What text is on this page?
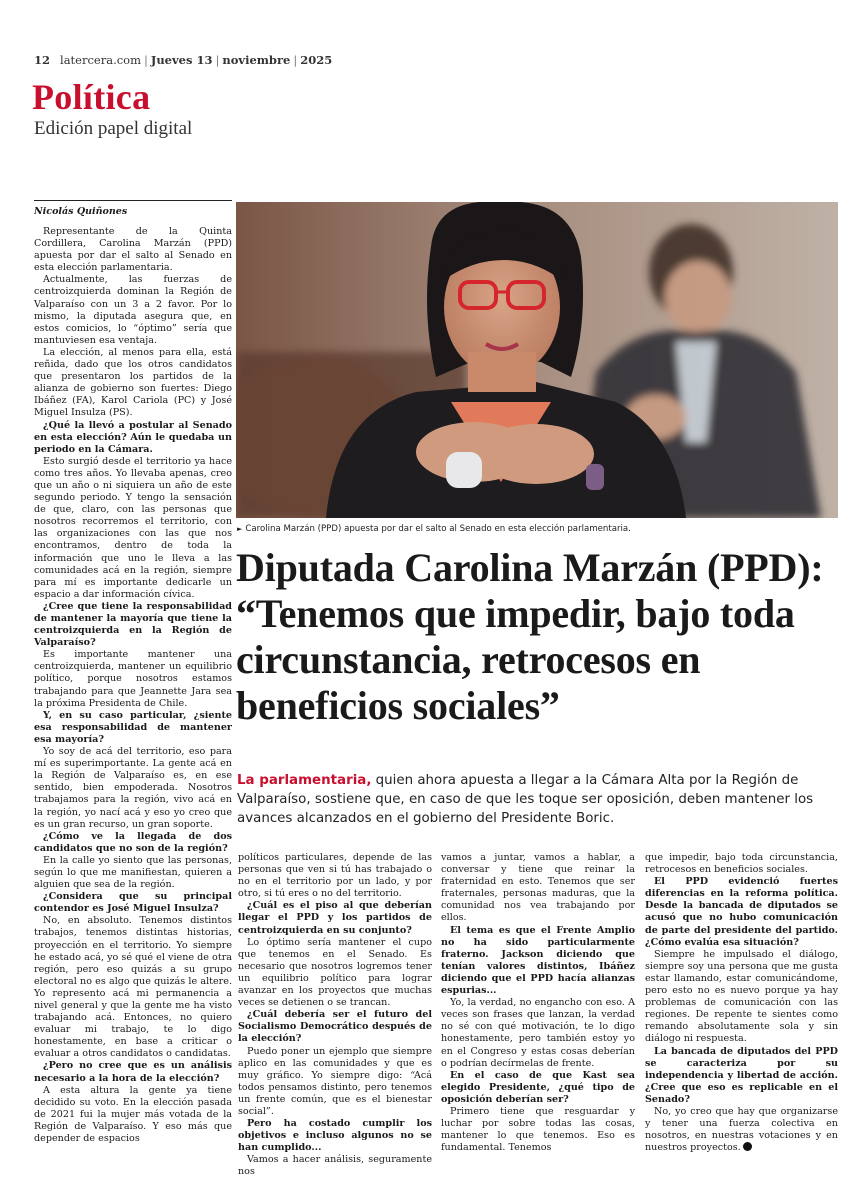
12 latercera.com | Jueves 13 | noviembre | 2025
Política
Edición papel digital
Nicolás Quiñones

Representante de la Quinta Cordillera, Carolina Marzán (PPD) apuesta por dar el salto al Senado en esta elección parlamentaria.

Actualmente, las fuerzas de centroizquierda dominan la Región de Valparaíso con un 3 a 2 favor. Por lo mismo, la diputada asegura que, en estos comicios, lo “óptimo” sería que mantuviesen esa ventaja.

La elección, al menos para ella, está reñida, dado que los otros candidatos que presentaron los partidos de la alianza de gobierno son fuertes: Diego Ibáñez (FA), Karol Cariola (PC) y José Miguel Insulza (PS).

¿Qué la llevó a postular al Senado en esta elección? Aún le quedaba un periodo en la Cámara.

Esto surgió desde el territorio ya hace como tres años. Yo llevaba apenas, creo que un año o ni siquiera un año de este segundo periodo. Y tengo la sensación de que, claro, con las personas que nosotros recorremos el territorio, con las organizaciones con las que nos encontramos, dentro de toda la información que uno le lleva a las comunidades acá en la región, siempre para mí es importante dedicarle un espacio a dar información cívica.

¿Cree que tiene la responsabilidad de mantener la mayoría que tiene la centroizquierda en la Región de Valparaíso?

Es importante mantener una centroizquierda, mantener un equilibrio político, porque nosotros estamos trabajando para que Jeannette Jara sea la próxima Presidenta de Chile.

Y, en su caso particular, ¿siente esa responsabilidad de mantener esa mayoría?

Yo soy de acá del territorio, eso para mí es superimportante. La gente acá en la Región de Valparaíso es, en ese sentido, bien empoderada. Nosotros trabajamos para la región, vivo acá en la región, yo nací acá y eso yo creo que es un gran recurso, un gran soporte.

¿Cómo ve la llegada de dos candidatos que no son de la región?

En la calle yo siento que las personas, según lo que me manifiestan, quieren a alguien que sea de la región.

¿Considera que su principal contendor es José Miguel Insulza?

No, en absoluto. Tenemos distintos trabajos, tenemos distintas historias, proyección en el territorio. Yo siempre he estado acá, yo sé qué el viene de otra región, pero eso quizás a su grupo electoral no es algo que quizás le altere. Yo represento acá mi permanencia a nivel general y que la gente me ha visto trabajando acá. Entonces, no quiero evaluar mi trabajo, te lo digo honestamente, en base a criticar o evaluar a otros candidatos o candidatas.

¿Pero no cree que es un análisis necesario a la hora de la elección?

A esta altura la gente ya tiene decidido su voto. En la elección pasada de 2021 fui la mujer más votada de la Región de Valparaíso. Y eso más que depender de espacios

► Carolina Marzán (PPD) apuesta por dar el salto al Senado en esta elección parlamentaria.
Diputada Carolina Marzán (PPD): “Tenemos que impedir, bajo toda circunstancia, retrocesos en beneficios sociales”
La parlamentaria, quien ahora apuesta a llegar a la Cámara Alta por la Región de Valparaíso, sostiene que, en caso de que les toque ser oposición, deben mantener los avances alcanzados en el gobierno del Presidente Boric.

políticos particulares, depende de las personas que ven si tú has trabajado o no en el territorio por un lado, y por otro, si tú eres o no del territorio.

¿Cuál es el piso al que deberían llegar el PPD y los partidos de centroizquierda en su conjunto?

Lo óptimo sería mantener el cupo que tenemos en el Senado. Es necesario que nosotros logremos tener un equilibrio político para lograr avanzar en los proyectos que muchas veces se detienen o se trancan.

¿Cuál debería ser el futuro del Socialismo Democrático después de la elección?

Puedo poner un ejemplo que siempre aplico en las comunidades y que es muy gráfico. Yo siempre digo: “Acá todos pensamos distinto, pero tenemos un frente común, que es el bienestar social”.

Pero ha costado cumplir los objetivos e incluso algunos no se han cumplido...

Vamos a hacer análisis, seguramente nos

vamos a juntar, vamos a hablar, a conversar y tiene que reinar la fraternidad en esto. Tenemos que ser fraternales, personas maduras, que la comunidad nos vea trabajando por ellos.

El tema es que el Frente Amplio no ha sido particularmente fraterno. Jackson diciendo que tenían valores distintos, Ibáñez diciendo que el PPD hacía alianzas espurias...

Yo, la verdad, no engancho con eso. A veces son frases que lanzan, la verdad no sé con qué motivación, te lo digo honestamente, pero también estoy yo en el Congreso y estas cosas deberían o podrían decírmelas de frente.

En el caso de que Kast sea elegido Presidente, ¿qué tipo de oposición deberían ser?

Primero tiene que resguardar y luchar por sobre todas las cosas, mantener lo que tenemos. Eso es fundamental. Tenemos

que impedir, bajo toda circunstancia, retrocesos en beneficios sociales.

El PPD evidenció fuertes diferencias en la reforma política. Desde la bancada de diputados se acusó que no hubo comunicación de parte del presidente del partido. ¿Cómo evalúa esa situación?

Siempre he impulsado el diálogo, siempre soy una persona que me gusta estar llamando, estar comunicándome, pero esto no es nuevo porque ya hay problemas de comunicación con las regiones. De repente te sientes como remando absolutamente sola y sin diálogo ni respuesta.

La bancada de diputados del PPD se caracteriza por su independencia y libertad de acción. ¿Cree que eso es replicable en el Senado?

No, yo creo que hay que organizarse y tener una fuerza colectiva en nosotros, en nuestras votaciones y en nuestros proyectos.
